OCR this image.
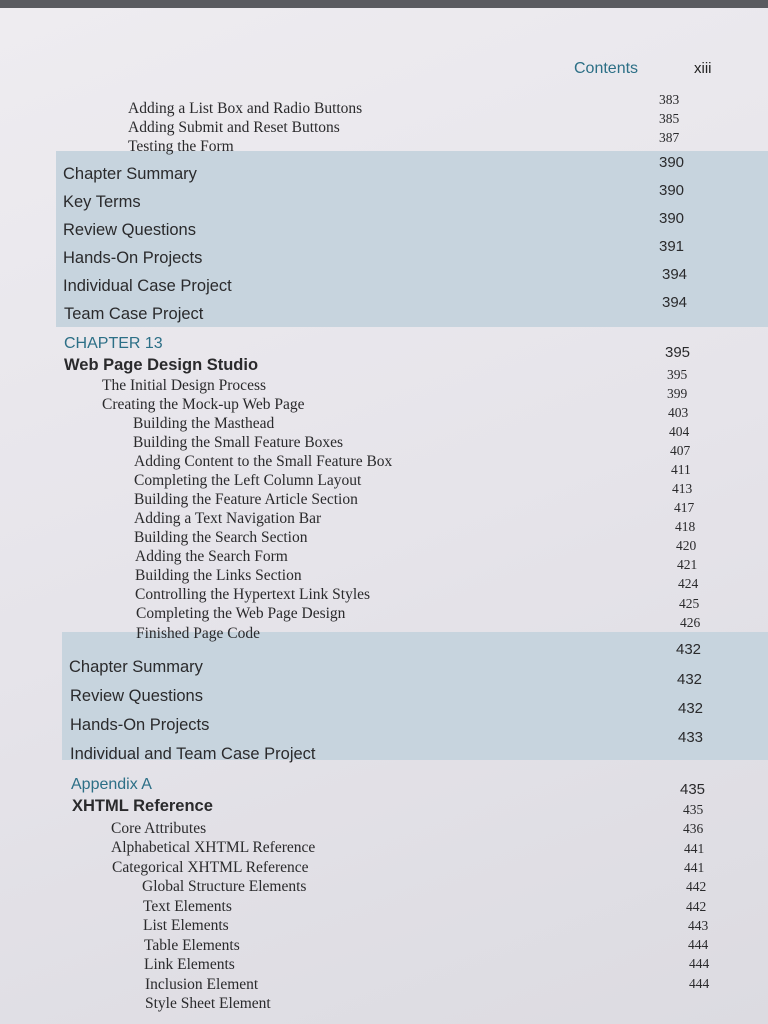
Contents	xiii
Adding a List Box and Radio Buttons
383
Adding Submit and Reset Buttons
385
Testing the Form
387
Chapter Summary
390
Key Terms
390
Review Questions
390
Hands-On Projects
391
Individual Case Project
394
Team Case Project
394
CHAPTER 13
Web Page Design Studio
395
The Initial Design Process
395
Creating the Mock-up Web Page
399
Building the Masthead
403
Building the Small Feature Boxes
404
Adding Content to the Small Feature Box
407
Completing the Left Column Layout
411
Building the Feature Article Section
413
Adding a Text Navigation Bar
417
Building the Search Section
418
Adding the Search Form
420
Building the Links Section
421
Controlling the Hypertext Link Styles
424
Completing the Web Page Design
425
Finished Page Code
426
Chapter Summary
432
Review Questions
432
Hands-On Projects
432
Individual and Team Case Project
433
Appendix A
XHTML Reference
435
Core Attributes
435
Alphabetical XHTML Reference
436
Categorical XHTML Reference
441
Global Structure Elements
441
Text Elements
442
List Elements
442
Table Elements
443
Link Elements
444
Inclusion Element
444
Style Sheet Element
444
